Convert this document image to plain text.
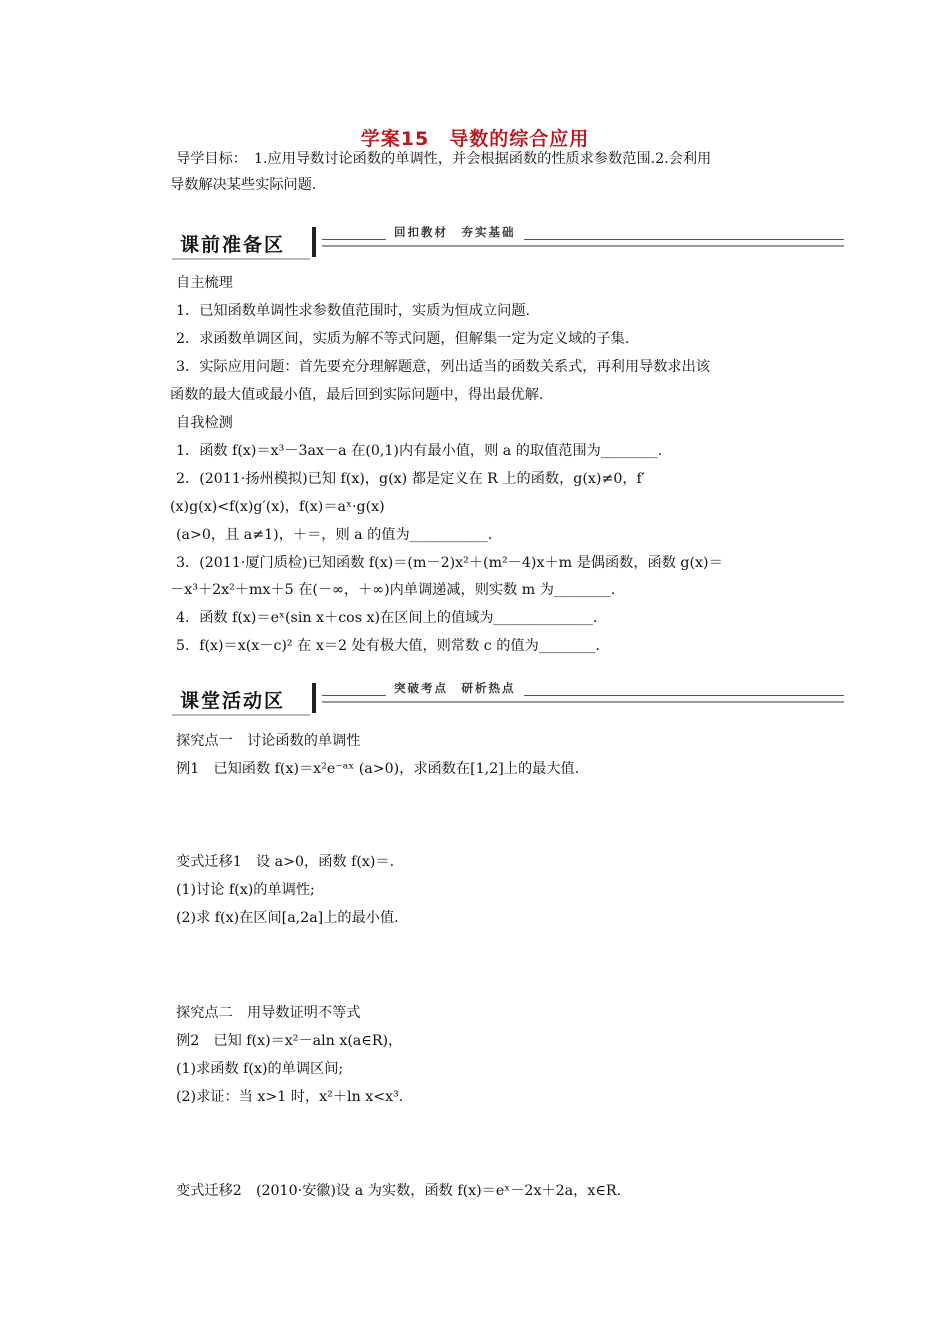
学案15　导数的综合应用
导学目标：　1.应用导数讨论函数的单调性，并会根据函数的性质求参数范围.2.会利用
导数解决某些实际问题.
课前准备区
回扣教材　夯实基础
自主梳理
1．已知函数单调性求参数值范围时，实质为恒成立问题.
2．求函数单调区间，实质为解不等式问题，但解集一定为定义域的子集.
3．实际应用问题：首先要充分理解题意，列出适当的函数关系式，再利用导数求出该
函数的最大值或最小值，最后回到实际问题中，得出最优解.
自我检测
1．函数 f(x)＝x³－3ax－a 在(0,1)内有最小值，则 a 的取值范围为________.
2．(2011·扬州模拟)已知 f(x)，g(x) 都是定义在 R 上的函数，g(x)≠0，f′
(x)g(x)<f(x)g′(x)，f(x)＝aˣ·g(x)
(a>0，且 a≠1)，＋＝，则 a 的值为___________.
3．(2011·厦门质检)已知函数 f(x)＝(m－2)x²＋(m²－4)x＋m 是偶函数，函数 g(x)＝
－x³＋2x²＋mx＋5 在(－∞，＋∞)内单调递减，则实数 m 为________.
4．函数 f(x)＝eˣ(sin x＋cos x)在区间上的值域为______________.
5．f(x)＝x(x－c)² 在 x＝2 处有极大值，则常数 c 的值为________.
课堂活动区
突破考点　研析热点
探究点一　讨论函数的单调性
例1　已知函数 f(x)＝x²e⁻ᵃˣ (a>0)，求函数在[1,2]上的最大值.
变式迁移1　设 a>0，函数 f(x)＝.
(1)讨论 f(x)的单调性;
(2)求 f(x)在区间[a,2a]上的最小值.
探究点二　用导数证明不等式
例2　已知 f(x)＝x²－aln x(a∈R)，
(1)求函数 f(x)的单调区间;
(2)求证：当 x>1 时，x²＋ln x<x³.
变式迁移2　(2010·安徽)设 a 为实数，函数 f(x)＝eˣ－2x＋2a，x∈R.
